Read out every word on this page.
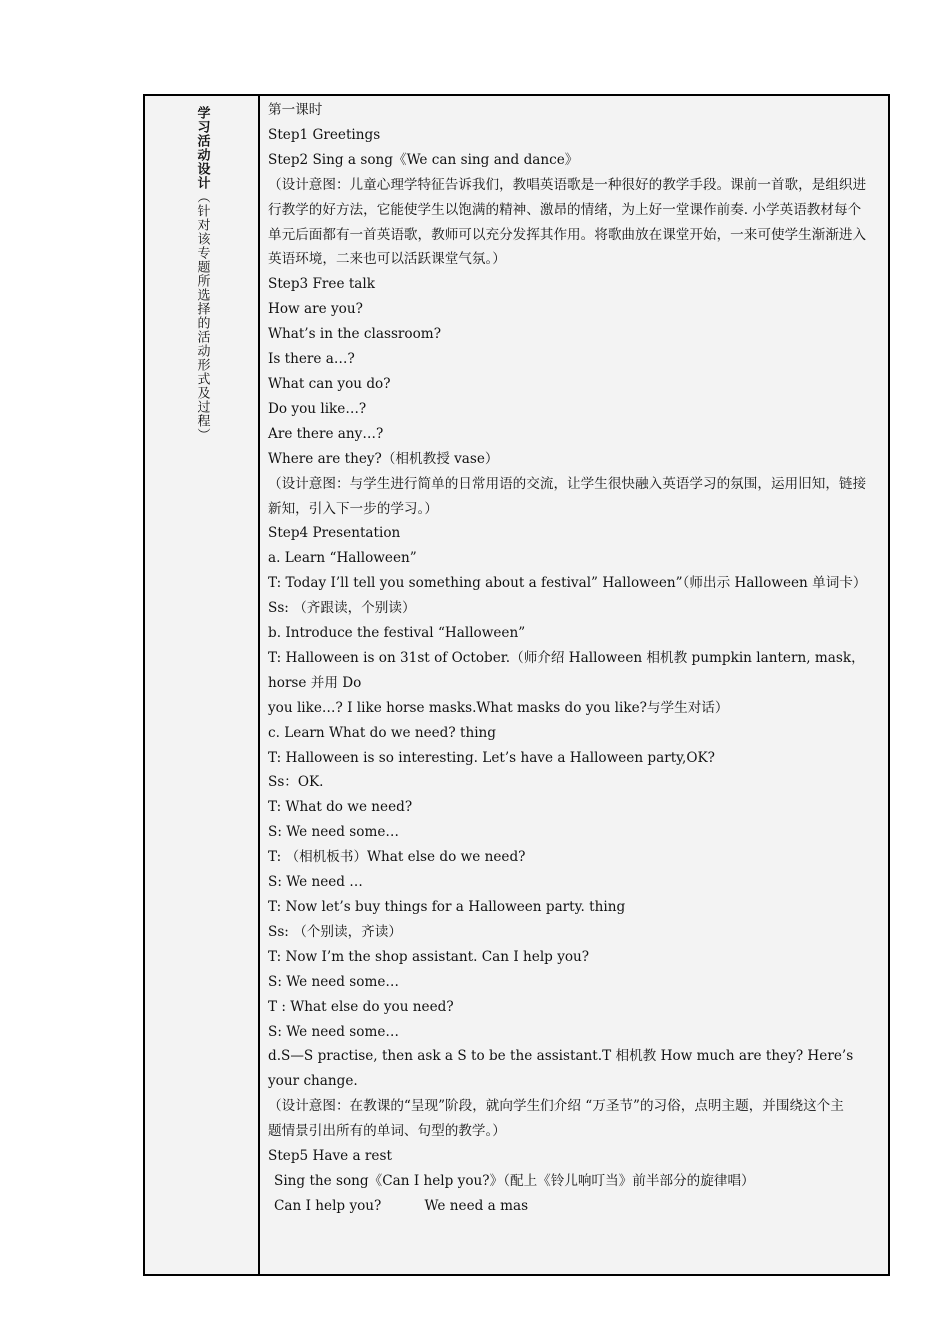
学习活动设计（针对该专题所选择的活动形式及过程）
第一课时
Step1 Greetings
Step2 Sing a song《We can sing and dance》
（设计意图：儿童心理学特征告诉我们，教唱英语歌是一种很好的教学手段。课前一首歌，是组织进
行教学的好方法，它能使学生以饱满的精神、激昂的情绪，为上好一堂课作前奏. 小学英语教材每个
单元后面都有一首英语歌，教师可以充分发挥其作用。将歌曲放在课堂开始，一来可使学生渐渐进入
英语环境，二来也可以活跃课堂气氛。）
Step3 Free talk
How are you?
What’s in the classroom?
Is there a…?
What can you do?
Do you like…?
Are there any…?
Where are they?（相机教授 vase）
（设计意图：与学生进行简单的日常用语的交流，让学生很快融入英语学习的氛围，运用旧知，链接
新知，引入下一步的学习。）
Step4 Presentation
a. Learn “Halloween”
T: Today I’ll tell you something about a festival” Halloween”（师出示 Halloween 单词卡）
Ss: （齐跟读，个别读）
b. Introduce the festival “Halloween”
T: Halloween is on 31st of October.（师介绍 Halloween 相机教 pumpkin lantern, mask，horse 并用 Do
you like…? I like horse masks.What masks do you like?与学生对话）
c. Learn What do we need? thing
T: Halloween is so interesting. Let’s have a Halloween party,OK?
Ss：OK.
T: What do we need?
S: We need some…
T: （相机板书）What else do we need?
S: We need …
T: Now let’s buy things for a Halloween party. thing
Ss: （个别读，齐读）
T: Now I’m the shop assistant. Can I help you?
S: We need some…
T : What else do you need?
S: We need some…
d.S—S practise, then ask a S to be the assistant.T 相机教 How much are they? Here’s your change.
（设计意图：在教课的“呈现”阶段，就向学生们介绍 “万圣节”的习俗，点明主题，并围绕这个主
题情景引出所有的单词、句型的教学。）
Step5 Have a rest
Sing the song《Can I help you?》（配上《铃儿响叮当》前半部分的旋律唱）
Can I help you?          We need a mas
